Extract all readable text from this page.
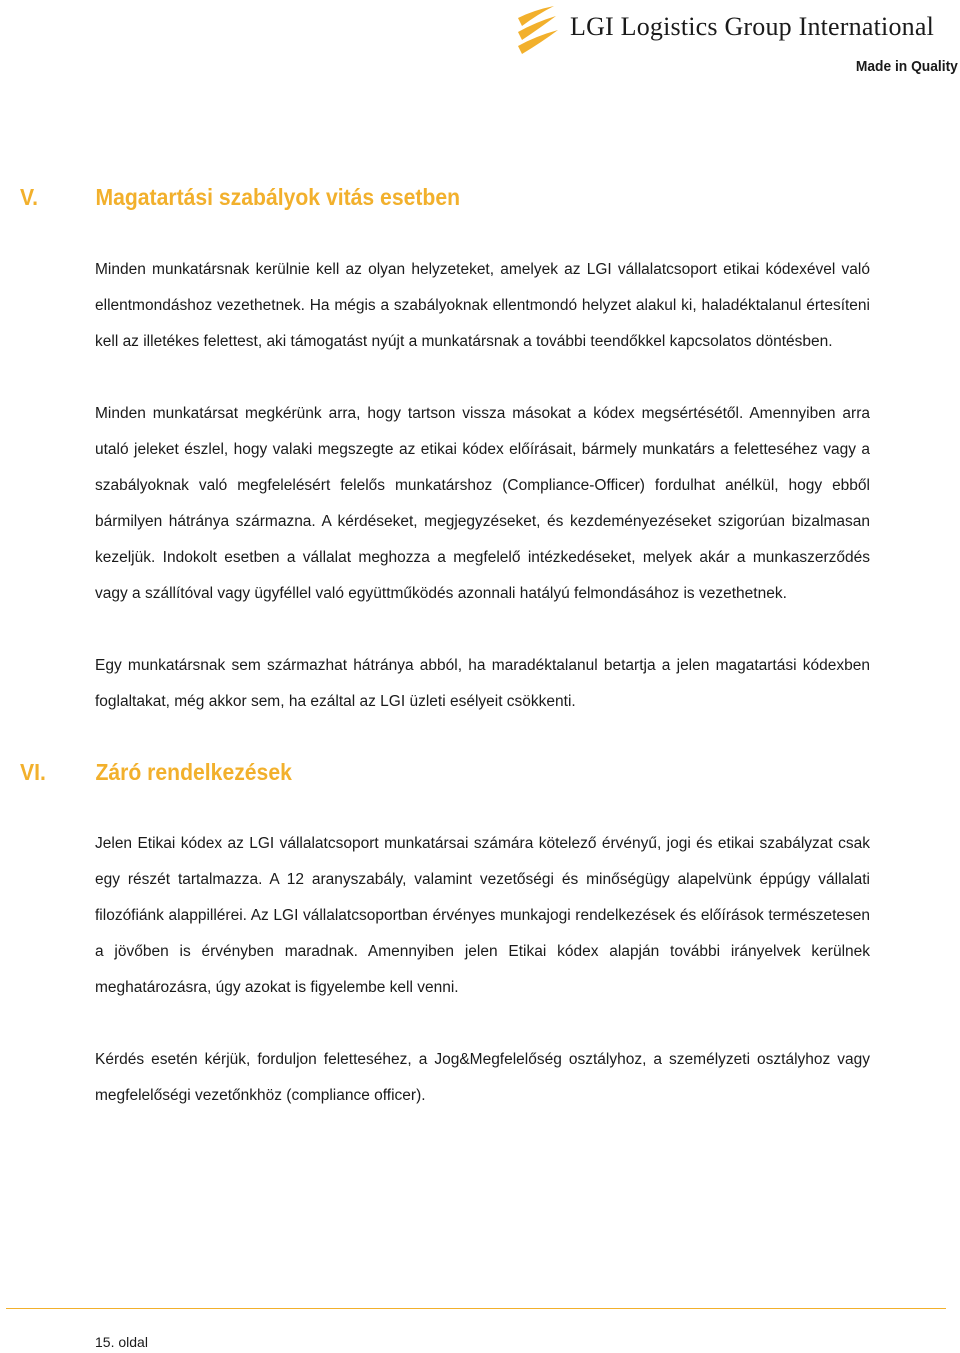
LGI Logistics Group International
Made in Quality
V. Magatartási szabályok vitás esetben

Minden munkatársnak kerülnie kell az olyan helyzeteket, amelyek az LGI vállalatcsoport etikai kódexével való ellentmondáshoz vezethetnek. Ha mégis a szabályoknak ellentmondó helyzet alakul ki, haladéktalanul értesíteni kell az illetékes felettest, aki támogatást nyújt a munkatársnak a további teendőkkel kapcsolatos döntésben.

Minden munkatársat megkérünk arra, hogy tartson vissza másokat a kódex megsértésétől. Amennyiben arra utaló jeleket észlel, hogy valaki megszegte az etikai kódex előírásait, bármely munkatárs a feletteséhez vagy a szabályoknak való megfelelésért felelős munkatárshoz (Compliance-Officer) fordulhat anélkül, hogy ebből bármilyen hátránya származna. A kérdéseket, megjegyzéseket, és kezdeményezéseket szigorúan bizalmasan kezeljük. Indokolt esetben a vállalat meghozza a megfelelő intézkedéseket, melyek akár a munkaszerződés vagy a szállítóval vagy ügyféllel való együttműködés azonnali hatályú felmondásához is vezethetnek.

Egy munkatársnak sem származhat hátránya abból, ha maradéktalanul betartja a jelen magatartási kódexben foglaltakat, még akkor sem, ha ezáltal az LGI üzleti esélyeit csökkenti.

VI. Záró rendelkezések

Jelen Etikai kódex az LGI vállalatcsoport munkatársai számára kötelező érvényű, jogi és etikai szabályzat csak egy részét tartalmazza. A 12 aranyszabály, valamint vezetőségi és minőségügy alapelvünk éppúgy vállalati filozófiánk alappillérei. Az LGI vállalatcsoportban érvényes munkajogi rendelkezések és előírások természetesen a jövőben is érvényben maradnak. Amennyiben jelen Etikai kódex alapján további irányelvek kerülnek meghatározásra, úgy azokat is figyelembe kell venni.

Kérdés esetén kérjük, forduljon feletteséhez, a Jog&Megfelelőség osztályhoz, a személyzeti osztályhoz vagy megfelelőségi vezetőnkhöz (compliance officer).

15. oldal
